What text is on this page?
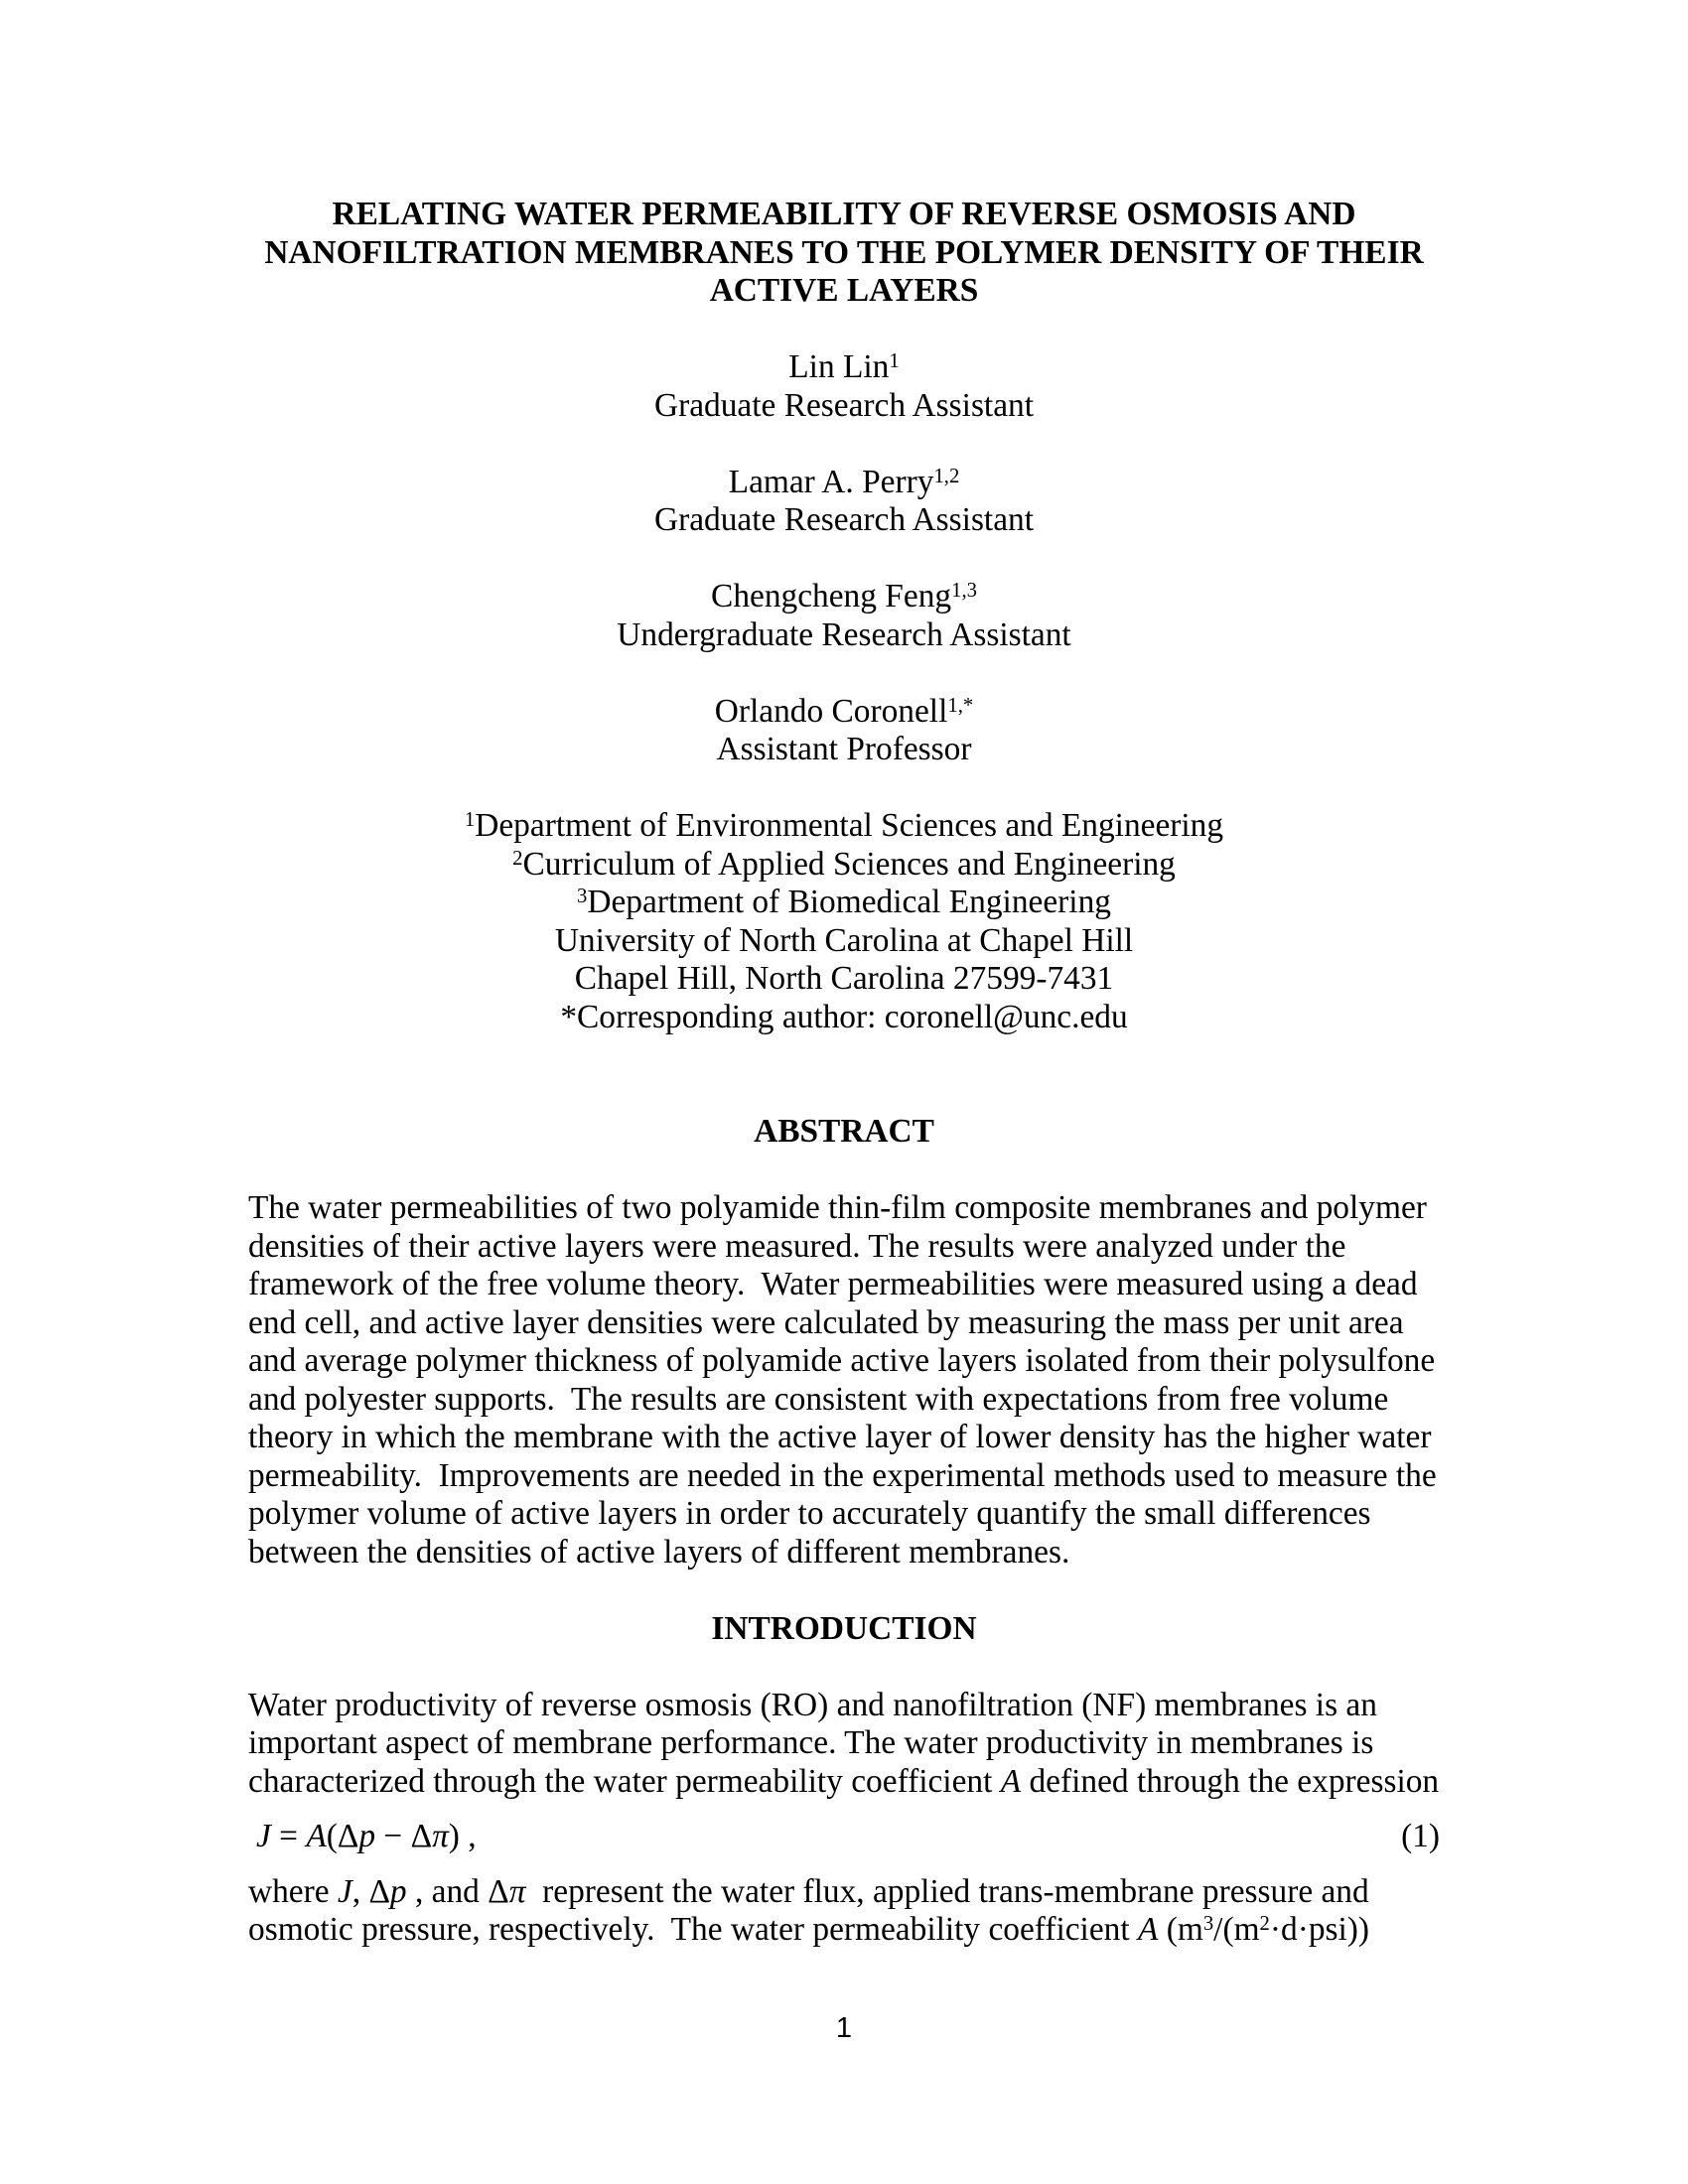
RELATING WATER PERMEABILITY OF REVERSE OSMOSIS AND
NANOFILTRATION MEMBRANES TO THE POLYMER DENSITY OF THEIR
ACTIVE LAYERS
Lin Lin$^1$
Graduate Research Assistant
Lamar A. Perry$^{1,2}$
Graduate Research Assistant
Chengcheng Feng$^{1,3}$
Undergraduate Research Assistant
Orlando Coronell$^{1,*}$
Assistant Professor
$^1$Department of Environmental Sciences and Engineering
$^2$Curriculum of Applied Sciences and Engineering
$^3$Department of Biomedical Engineering
University of North Carolina at Chapel Hill
Chapel Hill, North Carolina 27599-7431
*Corresponding author: coronell@unc.edu
ABSTRACT
The water permeabilities of two polyamide thin-film composite membranes and polymer
densities of their active layers were measured. The results were analyzed under the
framework of the free volume theory.  Water permeabilities were measured using a dead
end cell, and active layer densities were calculated by measuring the mass per unit area
and average polymer thickness of polyamide active layers isolated from their polysulfone
and polyester supports.  The results are consistent with expectations from free volume
theory in which the membrane with the active layer of lower density has the higher water
permeability.  Improvements are needed in the experimental methods used to measure the
polymer volume of active layers in order to accurately quantify the small differences
between the densities of active layers of different membranes.
INTRODUCTION
Water productivity of reverse osmosis (RO) and nanofiltration (NF) membranes is an
important aspect of membrane performance. The water productivity in membranes is
characterized through the water permeability coefficient A defined through the expression
J = A(Δp − Δπ) ,	(1)
where J, Δp , and Δπ  represent the water flux, applied trans-membrane pressure and
osmotic pressure, respectively.  The water permeability coefficient A $(m^3/(m^2\cdot d\cdot psi))$
1
